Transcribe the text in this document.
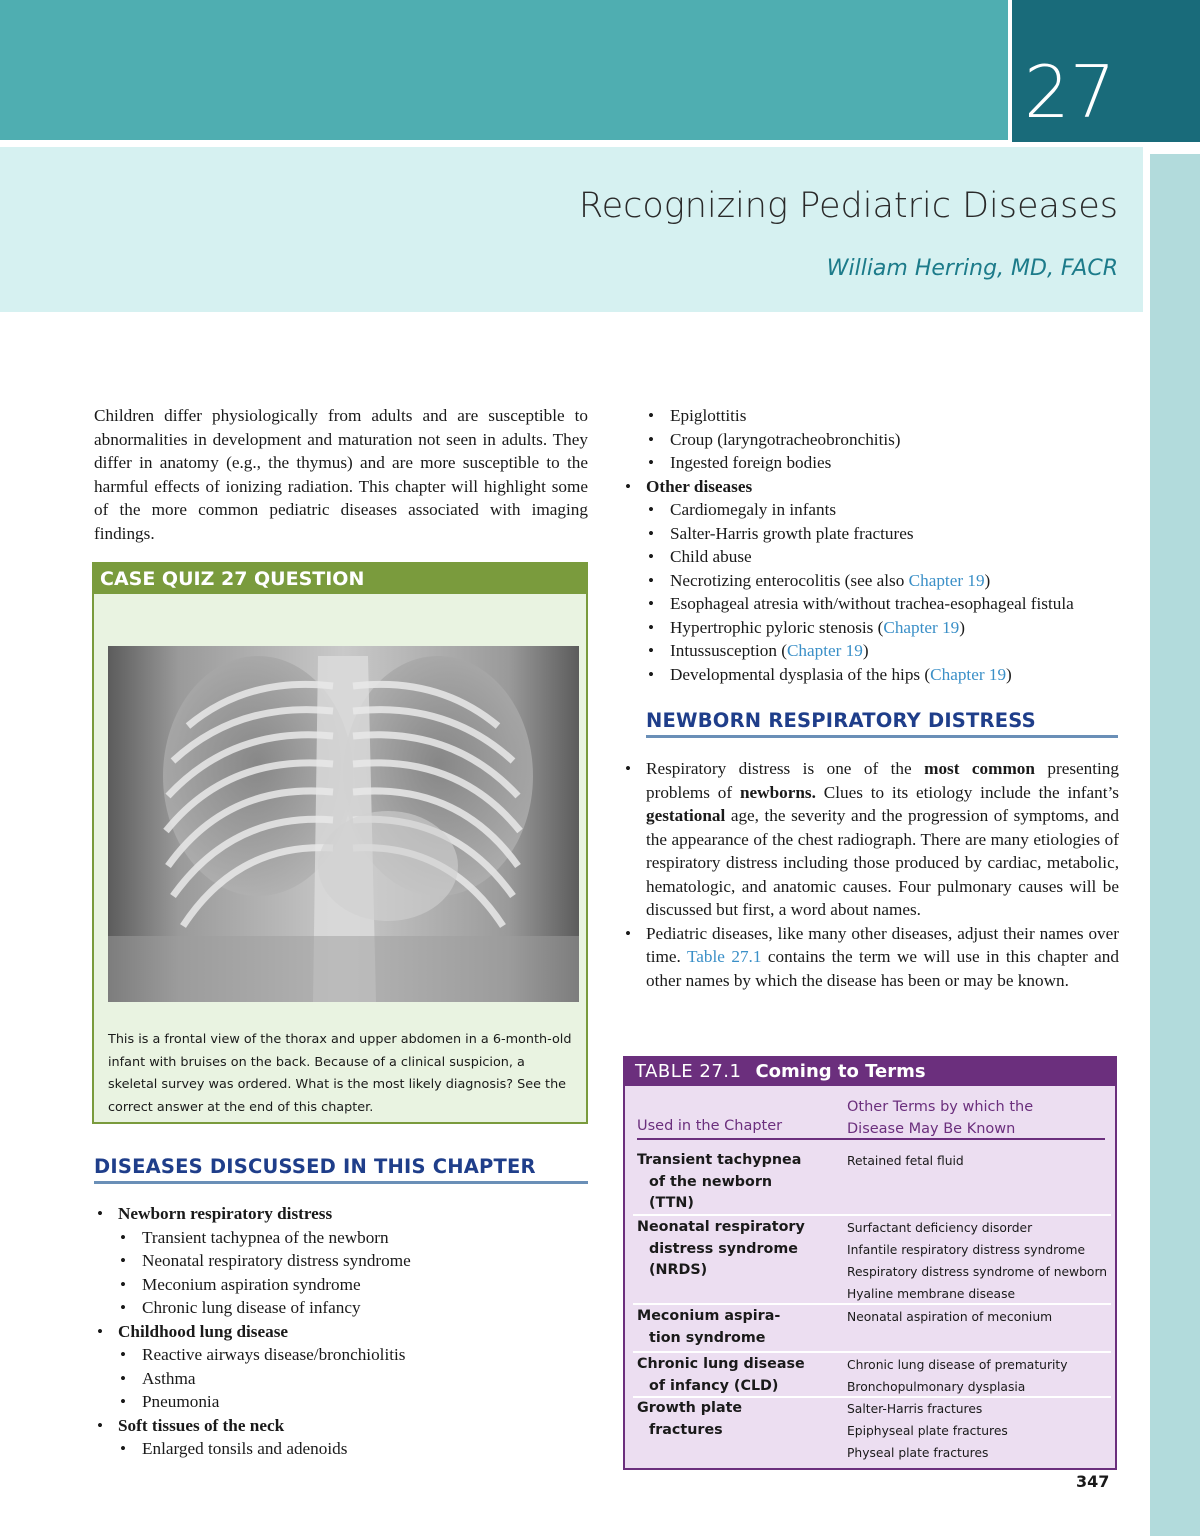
27
Recognizing Pediatric Diseases
William Herring, MD, FACR

Children differ physiologically from adults and are susceptible to abnormalities in development and maturation not seen in adults. They differ in anatomy (e.g., the thymus) and are more susceptible to the harmful effects of ionizing radiation. This chapter will highlight some of the more common pediatric diseases associated with imaging findings.

CASE QUIZ 27 QUESTION

This is a frontal view of the thorax and upper abdomen in a 6-month-old infant with bruises on the back. Because of a clinical suspicion, a skeletal survey was ordered. What is the most likely diagnosis? See the correct answer at the end of this chapter.

DISEASES DISCUSSED IN THIS CHAPTER
• Newborn respiratory distress
• Transient tachypnea of the newborn
• Neonatal respiratory distress syndrome
• Meconium aspiration syndrome
• Chronic lung disease of infancy
• Childhood lung disease
• Reactive airways disease/bronchiolitis
• Asthma
• Pneumonia
• Soft tissues of the neck
• Enlarged tonsils and adenoids
• Epiglottitis
• Croup (laryngotracheobronchitis)
• Ingested foreign bodies
• Other diseases
• Cardiomegaly in infants
• Salter-Harris growth plate fractures
• Child abuse
• Necrotizing enterocolitis (see also Chapter 19)
• Esophageal atresia with/without trachea-esophageal fistula
• Hypertrophic pyloric stenosis (Chapter 19)
• Intussusception (Chapter 19)
• Developmental dysplasia of the hips (Chapter 19)
NEWBORN RESPIRATORY DISTRESS
• Respiratory distress is one of the most common presenting problems of newborns. Clues to its etiology include the infant’s gestational age, the severity and the progression of symptoms, and the appearance of the chest radiograph. There are many etiologies of respiratory distress including those produced by cardiac, metabolic, hematologic, and anatomic causes. Four pulmonary causes will be discussed but first, a word about names.
• Pediatric diseases, like many other diseases, adjust their names over time. Table 27.1 contains the term we will use in this chapter and other names by which the disease has been or may be known.
TABLE 27.1 Coming to Terms
Used in the Chapter
Other Terms by which the
Disease May Be Known
Transient tachypnea
of the newborn
(TTN)
Retained fetal fluid
Neonatal respiratory
distress syndrome
(NRDS)
Surfactant deficiency disorder
Infantile respiratory distress syndrome
Respiratory distress syndrome of newborn
Hyaline membrane disease
Meconium aspira-
tion syndrome
Neonatal aspiration of meconium
Chronic lung disease
of infancy (CLD)
Chronic lung disease of prematurity
Bronchopulmonary dysplasia
Growth plate
fractures
Salter-Harris fractures
Epiphyseal plate fractures
Physeal plate fractures
347
